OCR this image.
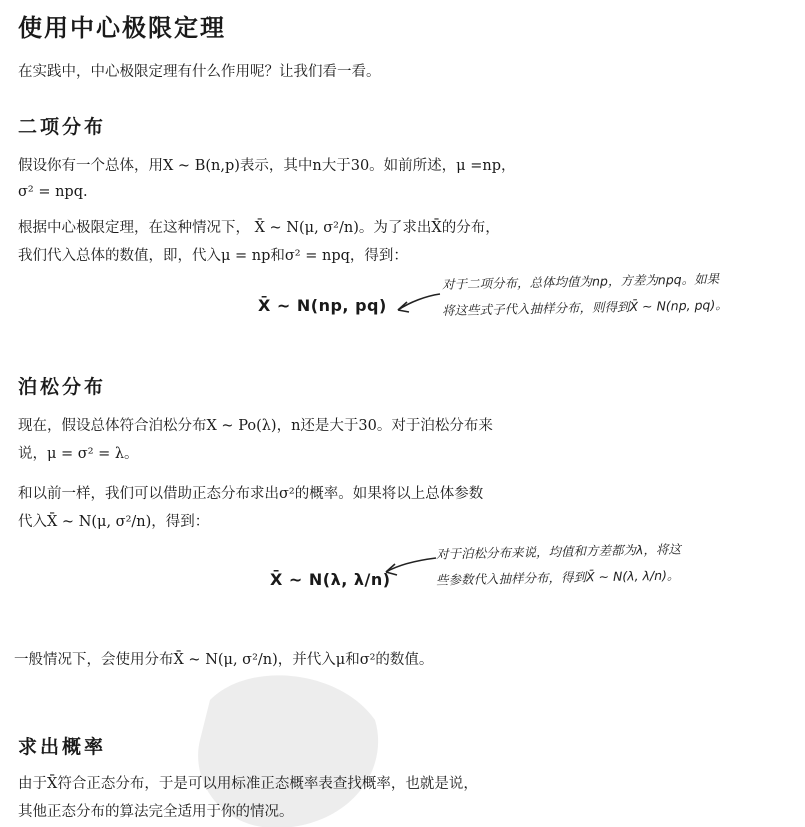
使用中心极限定理
在实践中，中心极限定理有什么作用呢？让我们看一看。
二项分布
假设你有一个总体，用X ~ B(n,p)表示，其中n大于30。如前所述，μ =np，
σ² = npq.
根据中心极限定理，在这种情况下， X̄ ~ N(μ, σ²/n)。为了求出X̄的分布，
我们代入总体的数值，即，代入μ = np和σ² = npq，得到：
X̄ ~ N(np, pq)
对于二项分布，总体均值为np，方差为npq。如果
将这些式子代入抽样分布，则得到X̄ ~ N(np, pq)。
泊松分布
现在，假设总体符合泊松分布X ~ Po(λ)，n还是大于30。对于泊松分布来
说，μ = σ² = λ。
和以前一样，我们可以借助正态分布求出σ²的概率。如果将以上总体参数
代入X̄ ~ N(μ, σ²/n)，得到：
X̄ ~ N(λ, λ/n)
对于泊松分布来说，均值和方差都为λ，将这
些参数代入抽样分布，得到X̄ ~ N(λ, λ/n)。
一般情况下，会使用分布X̄ ~ N(μ, σ²/n)，并代入μ和σ²的数值。
求出概率
由于X̄符合正态分布，于是可以用标准正态概率表查找概率，也就是说，
其他正态分布的算法完全适用于你的情况。
